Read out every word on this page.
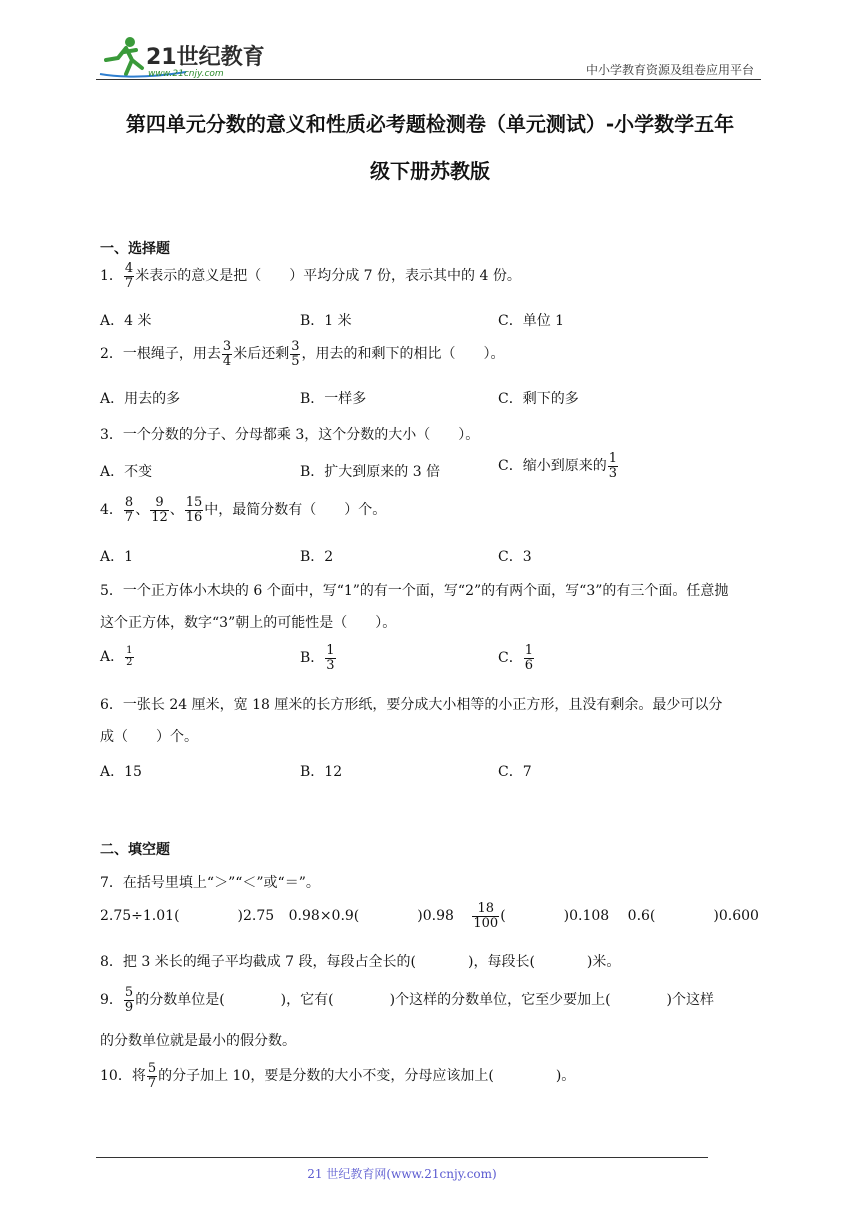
21世纪教育
www.21cnjy.com	中小学教育资源及组卷应用平台
第四单元分数的意义和性质必考题检测卷（单元测试）-小学数学五年
级下册苏教版
一、选择题
1． $\frac{4}{7}$ 米表示的意义是把（　　）平均分成 7 份，表示其中的 4 份。
A．4 米	B．1 米	C．单位 1
2．一根绳子，用去 $\frac{3}{4}$ 米后还剩 $\frac{3}{5}$ ，用去的和剩下的相比（　　）。
A．用去的多	B．一样多	C．剩下的多
3．一个分数的分子、分母都乘 3，这个分数的大小（　　）。
A．不变	B．扩大到原来的 3 倍	C．缩小到原来的 $\frac{1}{3}$
4． $\frac{8}{7}$ 、 $\frac{9}{12}$ 、 $\frac{15}{16}$ 中，最简分数有（　　）个。
A．1	B．2	C．3
5．一个正方体小木块的 6 个面中，写“1”的有一个面，写“2”的有两个面，写“3”的有三个面。任意抛
这个正方体，数字“3”朝上的可能性是（　　）。
A． $\frac{1}{2}$	B． $\frac{1}{3}$	C． $\frac{1}{6}$
6．一张长 24 厘米，宽 18 厘米的长方形纸，要分成大小相等的小正方形，且没有剩余。最少可以分
成（　　）个。
A．15	B．12	C．7
二、填空题
7．在括号里填上“＞”“＜”或“＝”。
2.75÷1.01(	)2.75 0.98×0.9(	)$0.98 \frac{18}{100}$ (	)0.108 0.6(	)0.600
8．把 3 米长的绳子平均截成 7 段，每段占全长的(	)，每段长(	)米。
9． $\frac{5}{9}$ 的分数单位是(	)，它有(	)个这样的分数单位，它至少要加上(	)个这样
的分数单位就是最小的假分数。
10．将 $\frac{5}{7}$ 的分子加上 10，要是分数的大小不变，分母应该加上(	)。
21 世纪教育网(www.21cnjy.com)
